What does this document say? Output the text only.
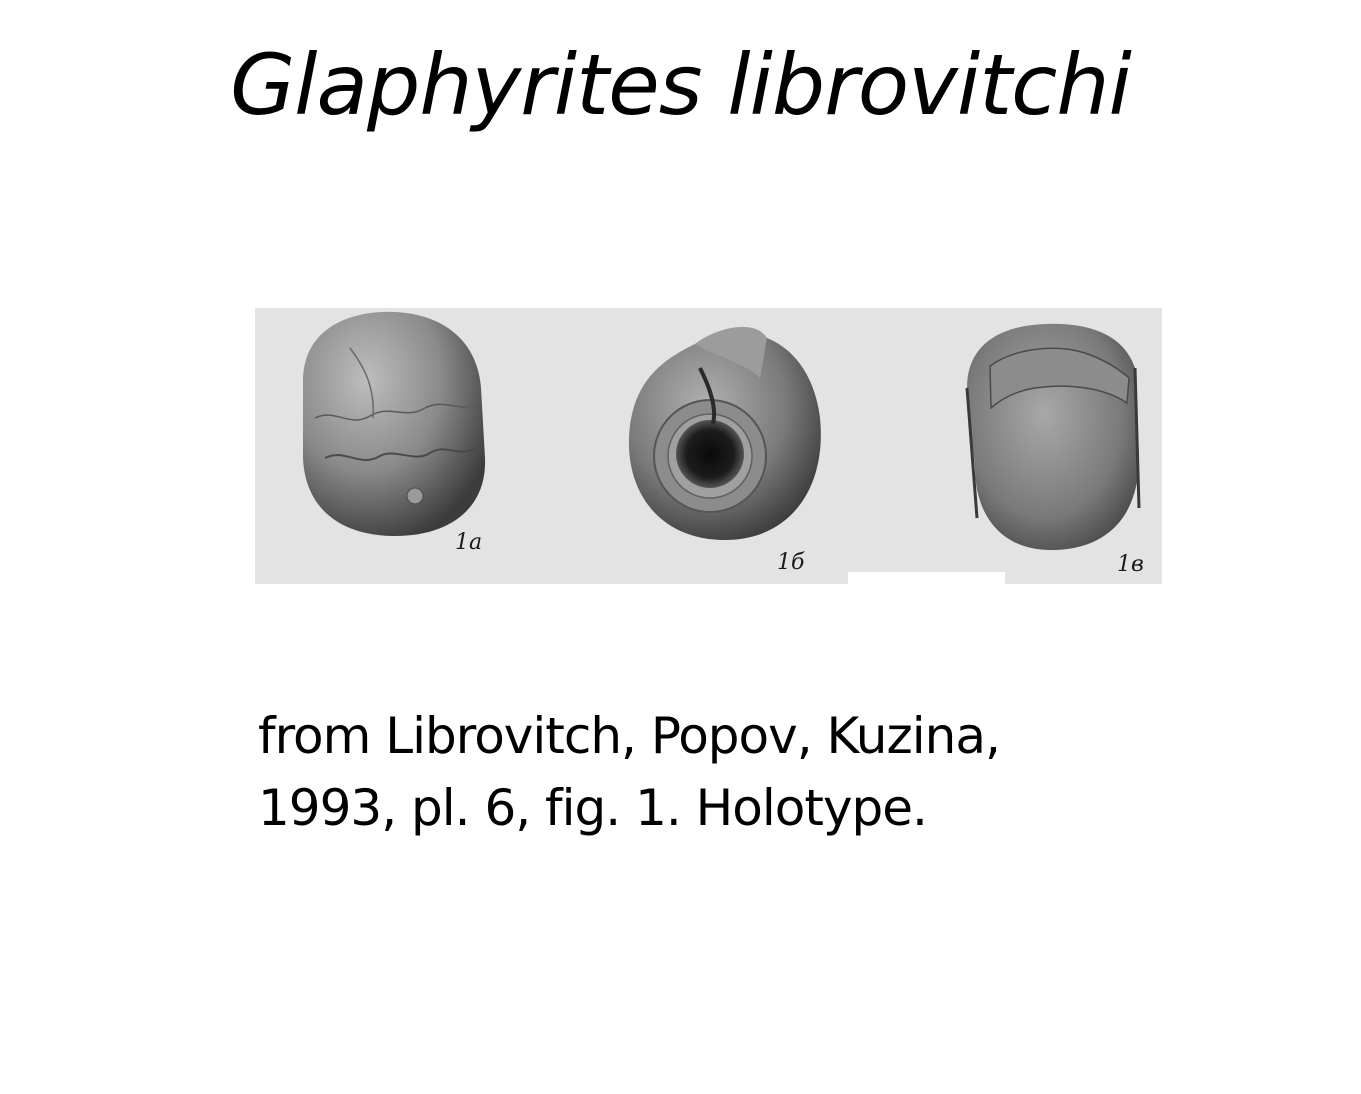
Glaphyrites librovitchi
1a
1б	1в
from Librovitch, Popov, Kuzina,
1993, pl. 6, fig. 1. Holotype.
